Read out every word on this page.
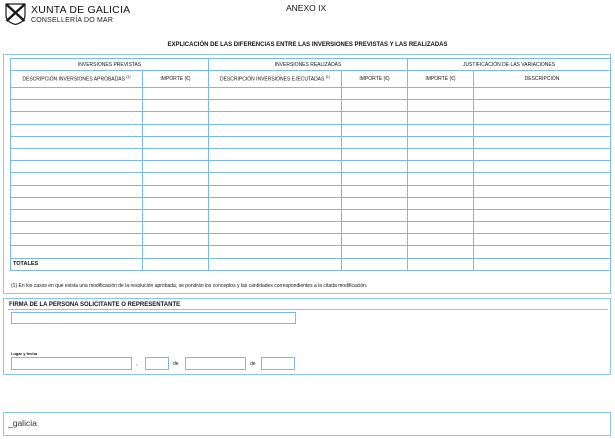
XUNTA DE GALICIA
CONSELLERÍA DO MAR
ANEXO IX
EXPLICACIÓN DE LAS DIFERENCIAS ENTRE LAS INVERSIONES PREVISTAS Y LAS REALIZADAS
INVERSIONES PREVISTAS		INVERSIONES REALIZADAS		JUSTIFICACIÓN DE LAS VARIACIONES	
DESCRIPCIÓN INVERSIONES APROBADAS $^{(1)}$	IMPORTE (€)	DESCRIPCIÓN INVERSIONES EJECUTADAS $^{(1)}$	IMPORTE (€)	IMPORTE (€)	DESCRIPCIÓN

TOTALES					
(1) En los casos en que exista una modificación de la resolución aprobada, se pondrán los conceptos y las cantidades correspondientes a la citada modificación.
FIRMA DE LA PERSONA SOLICITANTE O REPRESENTANTE
Lugar y fecha
,	de	de
_galicia
